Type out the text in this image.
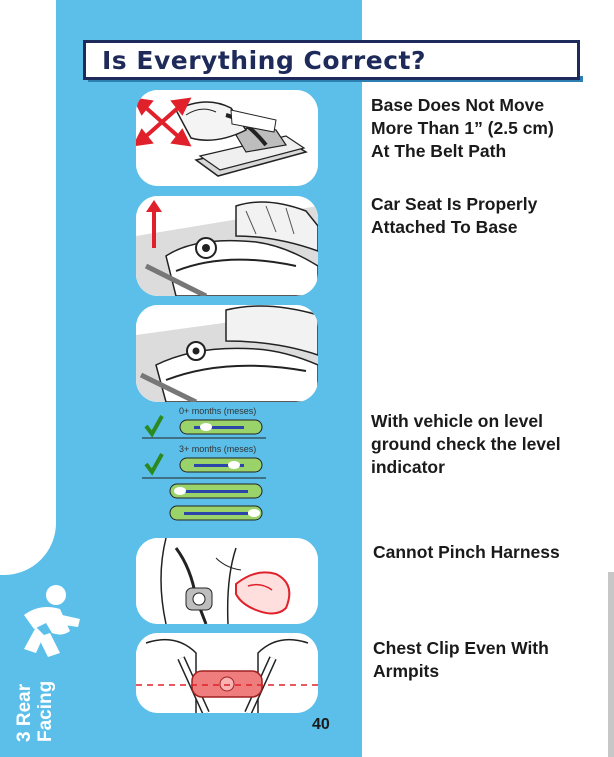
Is Everything Correct?
0+ months (meses)
3+ months (meses)
Base Does Not Move
More Than 1” (2.5 cm)
At The Belt Path
Car Seat Is Properly
Attached To Base
With vehicle on level
ground check the level
indicator
Cannot Pinch Harness
Chest Clip Even With
Armpits
40
3 Rear
Facing
